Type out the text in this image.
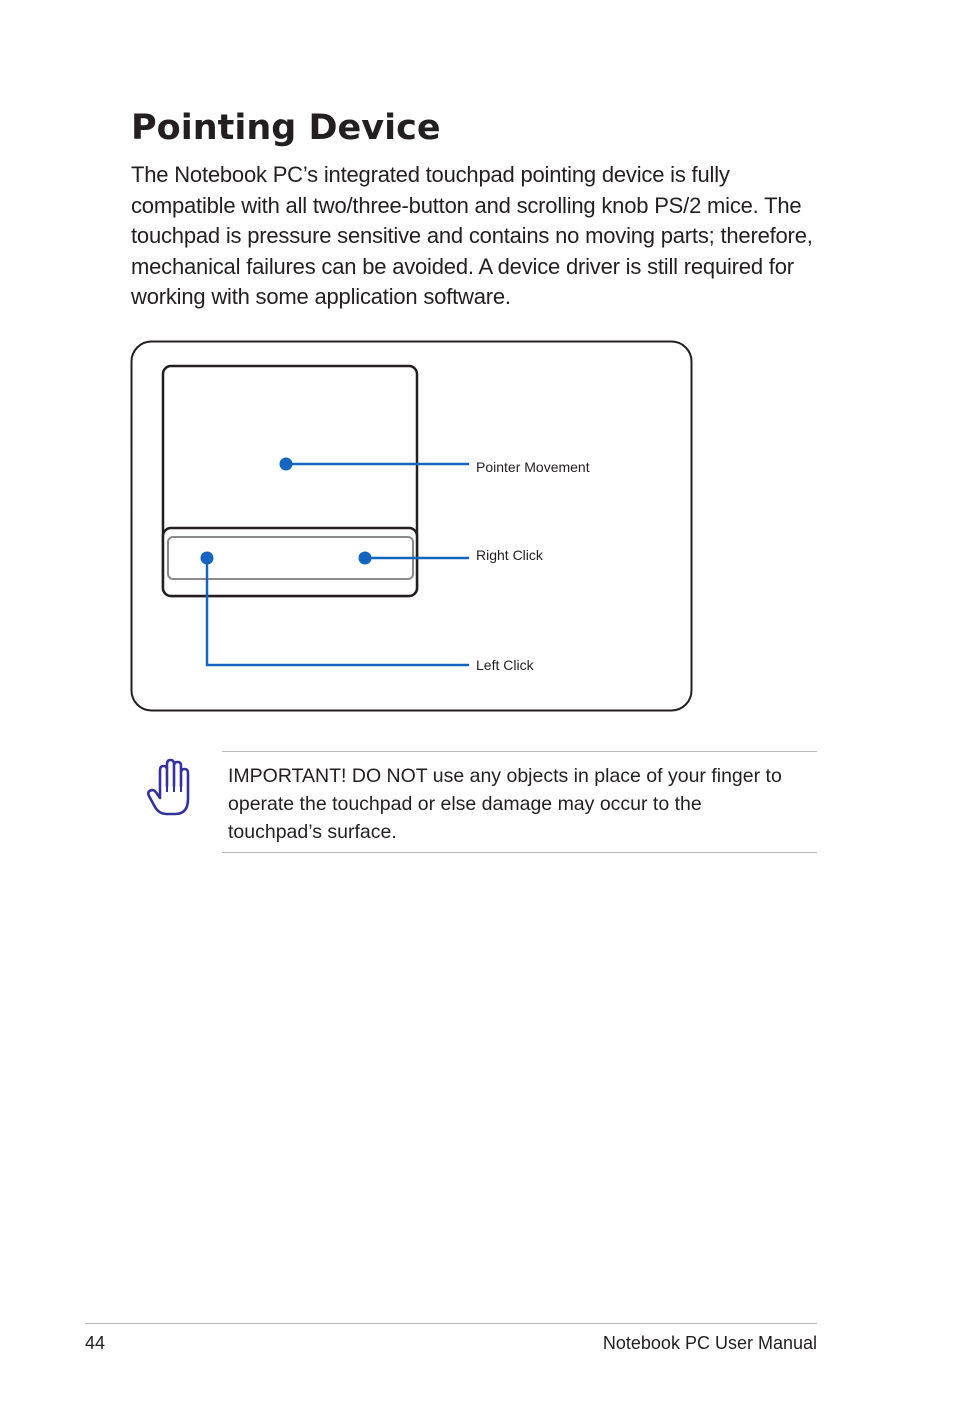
Pointing Device

The Notebook PC’s integrated touchpad pointing device is fully compatible with all two/three-button and scrolling knob PS/2 mice. The touchpad is pressure sensitive and contains no moving parts; therefore, mechanical failures can be avoided. A device driver is still required for working with some application software.

Pointer Movement
Right Click
Left Click

IMPORTANT! DO NOT use any objects in place of your finger to operate the touchpad or else damage may occur to the touchpad’s surface.

44	Notebook PC User Manual
